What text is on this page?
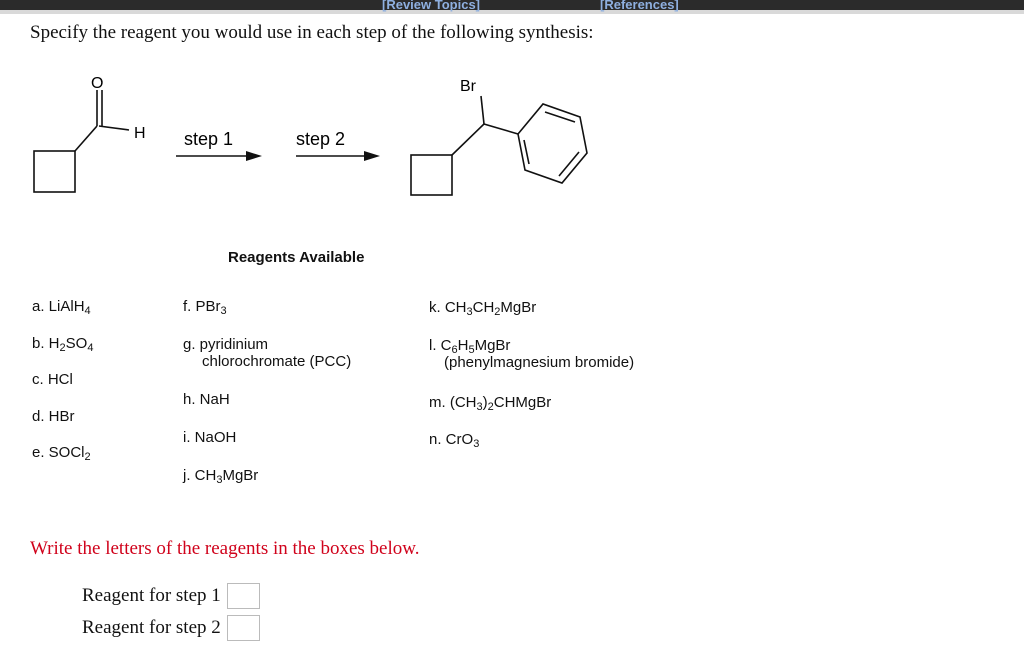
[Review Topics]	[References]
Specify the reagent you would use in each step of the following synthesis:
O
H step 1	step 2
Br
Reagents Available
a. LiAlH$_4$
b. $H_2SO_4$
c. HCl
d. HBr
e. SOCl$_2$
f. PBr$_3$
g. pyridinium
chlorochromate (PCC)
h. NaH
i. NaOH
j. $CH_3MgBr$
k. $CH_3CH_2MgBr$
l. $C_6H_5MgBr$
(phenylmagnesium bromide)
m. $(CH_3)_2CHMgBr$
n. CrO$_3$
Write the letters of the reagents in the boxes below.
Reagent for step 1
Reagent for step 2
